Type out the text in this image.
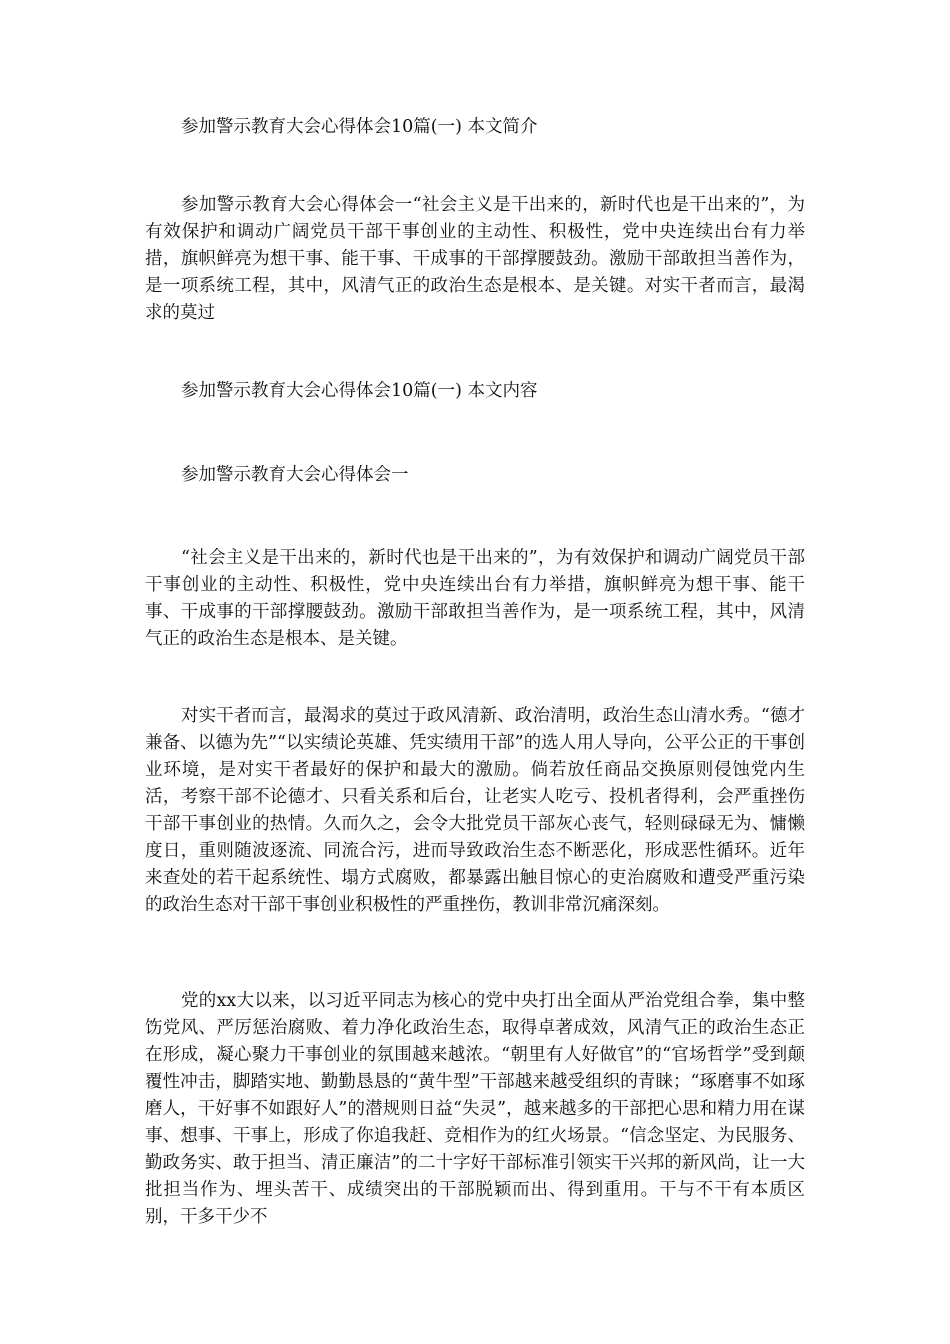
参加警示教育大会心得体会10篇(一) 本文简介

参加警示教育大会心得体会一“社会主义是干出来的，新时代也是干出来的”，为有效保护和调动广阔党员干部干事创业的主动性、积极性，党中央连续出台有力举措，旗帜鲜亮为想干事、能干事、干成事的干部撑腰鼓劲。激励干部敢担当善作为，是一项系统工程，其中，风清气正的政治生态是根本、是关键。对实干者而言，最渴求的莫过

参加警示教育大会心得体会10篇(一) 本文内容

参加警示教育大会心得体会一

“社会主义是干出来的，新时代也是干出来的”，为有效保护和调动广阔党员干部干事创业的主动性、积极性，党中央连续出台有力举措，旗帜鲜亮为想干事、能干事、干成事的干部撑腰鼓劲。激励干部敢担当善作为，是一项系统工程，其中，风清气正的政治生态是根本、是关键。

对实干者而言，最渴求的莫过于政风清新、政治清明，政治生态山清水秀。“德才兼备、以德为先”“以实绩论英雄、凭实绩用干部”的选人用人导向，公平公正的干事创业环境，是对实干者最好的保护和最大的激励。倘若放任商品交换原则侵蚀党内生活，考察干部不论德才、只看关系和后台，让老实人吃亏、投机者得利，会严重挫伤干部干事创业的热情。久而久之，会令大批党员干部灰心丧气，轻则碌碌无为、慵懒度日，重则随波逐流、同流合污，进而导致政治生态不断恶化，形成恶性循环。近年来查处的若干起系统性、塌方式腐败，都暴露出触目惊心的吏治腐败和遭受严重污染的政治生态对干部干事创业积极性的严重挫伤，教训非常沉痛深刻。

党的xx大以来，以习近平同志为核心的党中央打出全面从严治党组合拳，集中整饬党风、严厉惩治腐败、着力净化政治生态，取得卓著成效，风清气正的政治生态正在形成，凝心聚力干事创业的氛围越来越浓。“朝里有人好做官”的“官场哲学”受到颠覆性冲击，脚踏实地、勤勤恳恳的“黄牛型”干部越来越受组织的青睐；“琢磨事不如琢磨人，干好事不如跟好人”的潜规则日益“失灵”，越来越多的干部把心思和精力用在谋事、想事、干事上，形成了你追我赶、竞相作为的红火场景。“信念坚定、为民服务、勤政务实、敢于担当、清正廉洁”的二十字好干部标准引领实干兴邦的新风尚，让一大批担当作为、埋头苦干、成绩突出的干部脱颖而出、得到重用。干与不干有本质区别，干多干少不
